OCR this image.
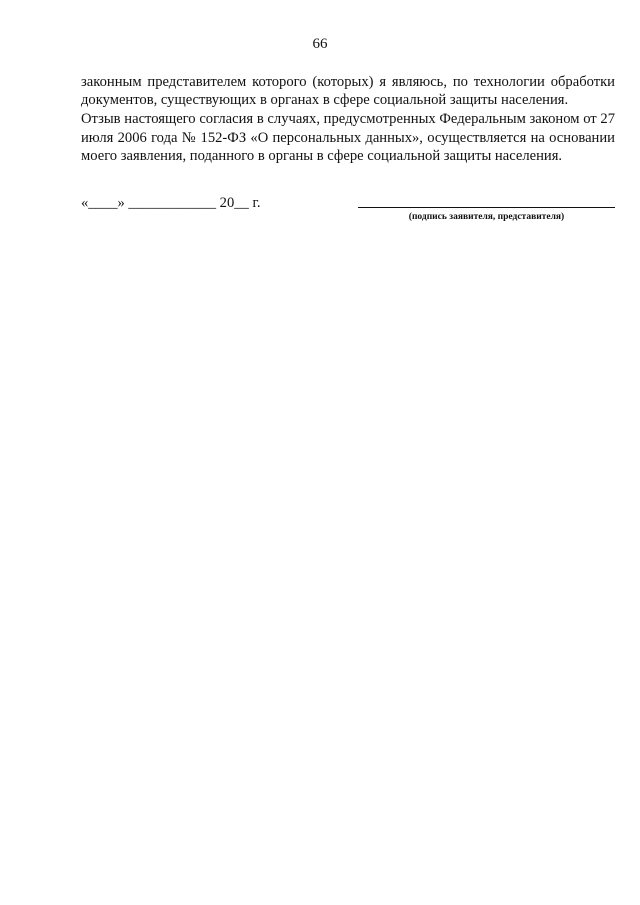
66

законным представителем которого (которых) я являюсь, по технологии обработки документов, существующих в органах в сфере социальной защиты населения.

Отзыв настоящего согласия в случаях, предусмотренных Федеральным законом от 27 июля 2006 года № 152-ФЗ «О персональных данных», осуществляется на основании моего заявления, поданного в органы в сфере социальной защиты населения.

«____» ____________ 20__ г.
(подпись заявителя, представителя)
